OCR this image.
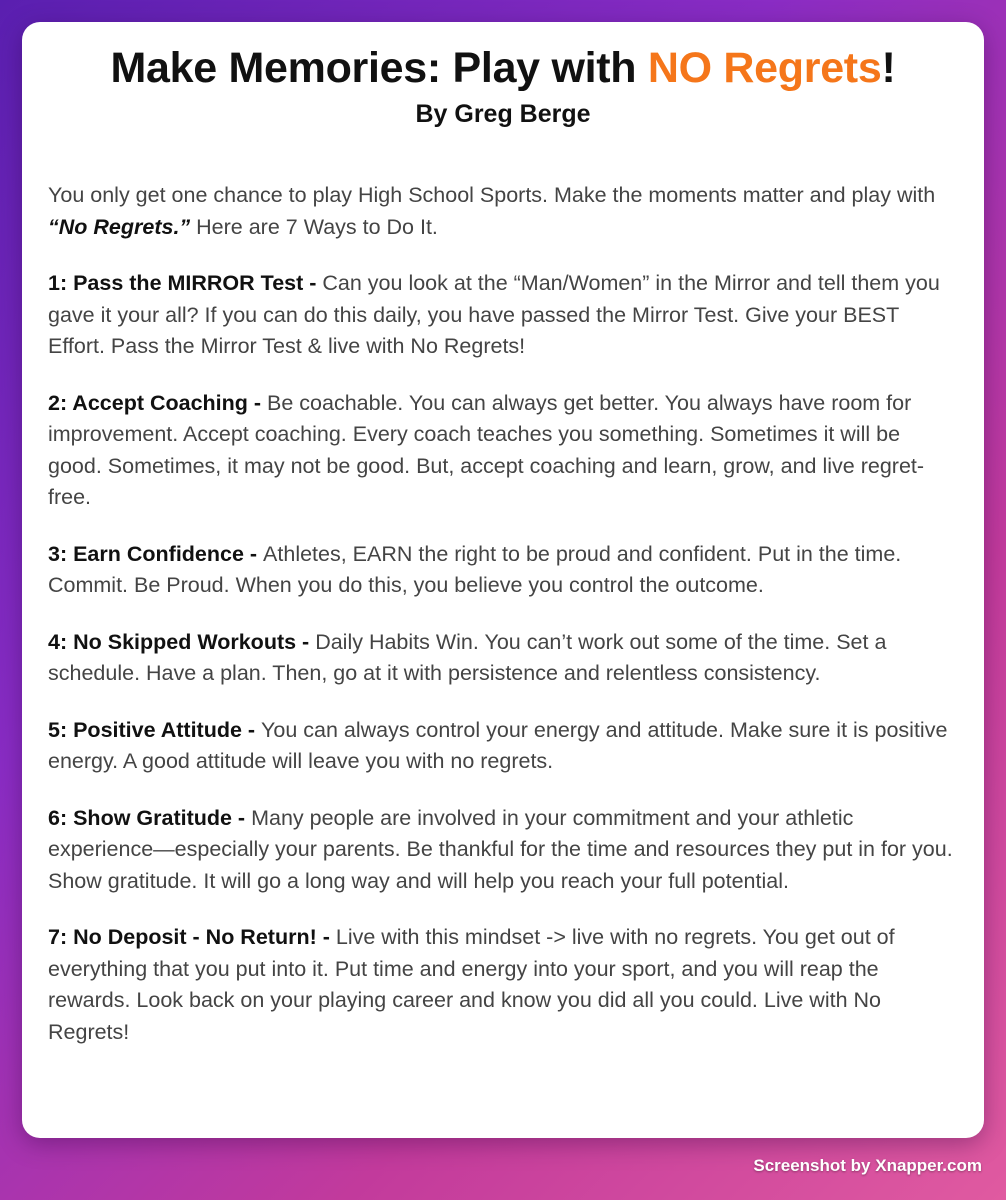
Make Memories: Play with NO Regrets!
By Greg Berge

You only get one chance to play High School Sports. Make the moments matter and play with “No Regrets.” Here are 7 Ways to Do It.

1: Pass the MIRROR Test - Can you look at the “Man/Women” in the Mirror and tell them you gave it your all? If you can do this daily, you have passed the Mirror Test. Give your BEST Effort. Pass the Mirror Test & live with No Regrets!

2: Accept Coaching - Be coachable. You can always get better. You always have room for improvement. Accept coaching. Every coach teaches you something. Sometimes it will be good. Sometimes, it may not be good. But, accept coaching and learn, grow, and live regret-free.

3: Earn Confidence - Athletes, EARN the right to be proud and confident. Put in the time. Commit. Be Proud. When you do this, you believe you control the outcome.

4: No Skipped Workouts - Daily Habits Win. You can’t work out some of the time. Set a schedule. Have a plan. Then, go at it with persistence and relentless consistency.

5: Positive Attitude - You can always control your energy and attitude. Make sure it is positive energy. A good attitude will leave you with no regrets.

6: Show Gratitude - Many people are involved in your commitment and your athletic experience—especially your parents. Be thankful for the time and resources they put in for you. Show gratitude. It will go a long way and will help you reach your full potential.

7: No Deposit - No Return! - Live with this mindset -> live with no regrets. You get out of everything that you put into it. Put time and energy into your sport, and you will reap the rewards. Look back on your playing career and know you did all you could. Live with No Regrets!

Screenshot by Xnapper.com
